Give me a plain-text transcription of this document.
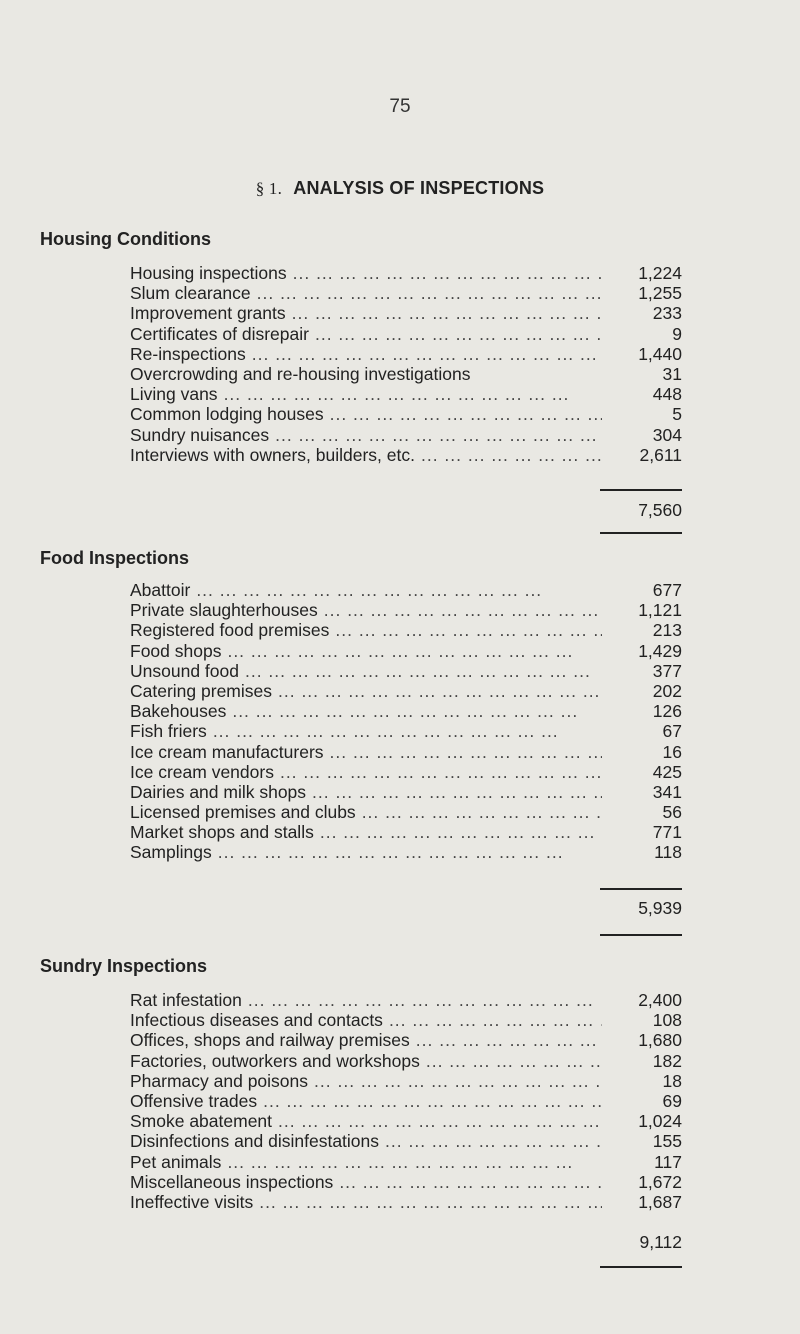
75
§ 1. ANALYSIS OF INSPECTIONS
Housing Conditions
Housing inspections ... .	1,224
Slum clearance ... .	1,255
Improvement grants ... .	233
Certificates of disrepair ... .	9
Re-inspections ... .	1,440
Overcrowding and re-housing investigations	31
Living vans ... .	448
Common lodging houses ... .	5
Sundry nuisances ... .	304
Interviews with owners, builders, etc. ... .	2,611
7,560
Food Inspections
Abattoir ... .	677
Private slaughterhouses ... .	1,121
Registered food premises ... .	213
Food shops ... .	1,429
Unsound food ... .	377
Catering premises ... .	202
Bakehouses ... .	126
Fish friers ... .	67
Ice cream manufacturers ... .	16
Ice cream vendors ... .	425
Dairies and milk shops ... .	341
Licensed premises and clubs ... .	56
Market shops and stalls ... .	771
Samplings ... .	118
5,939
Sundry Inspections
Rat infestation ... .	2,400
Infectious diseases and contacts ... .	108
Offices, shops and railway premises ... .	1,680
Factories, outworkers and workshops ... .	182
Pharmacy and poisons ... .	18
Offensive trades ... .	69
Smoke abatement ... .	1,024
Disinfections and disinfestations ... .	155
Pet animals ... .	117
Miscellaneous inspections ... .	1,672
Ineffective visits ... .	1,687
9,112
